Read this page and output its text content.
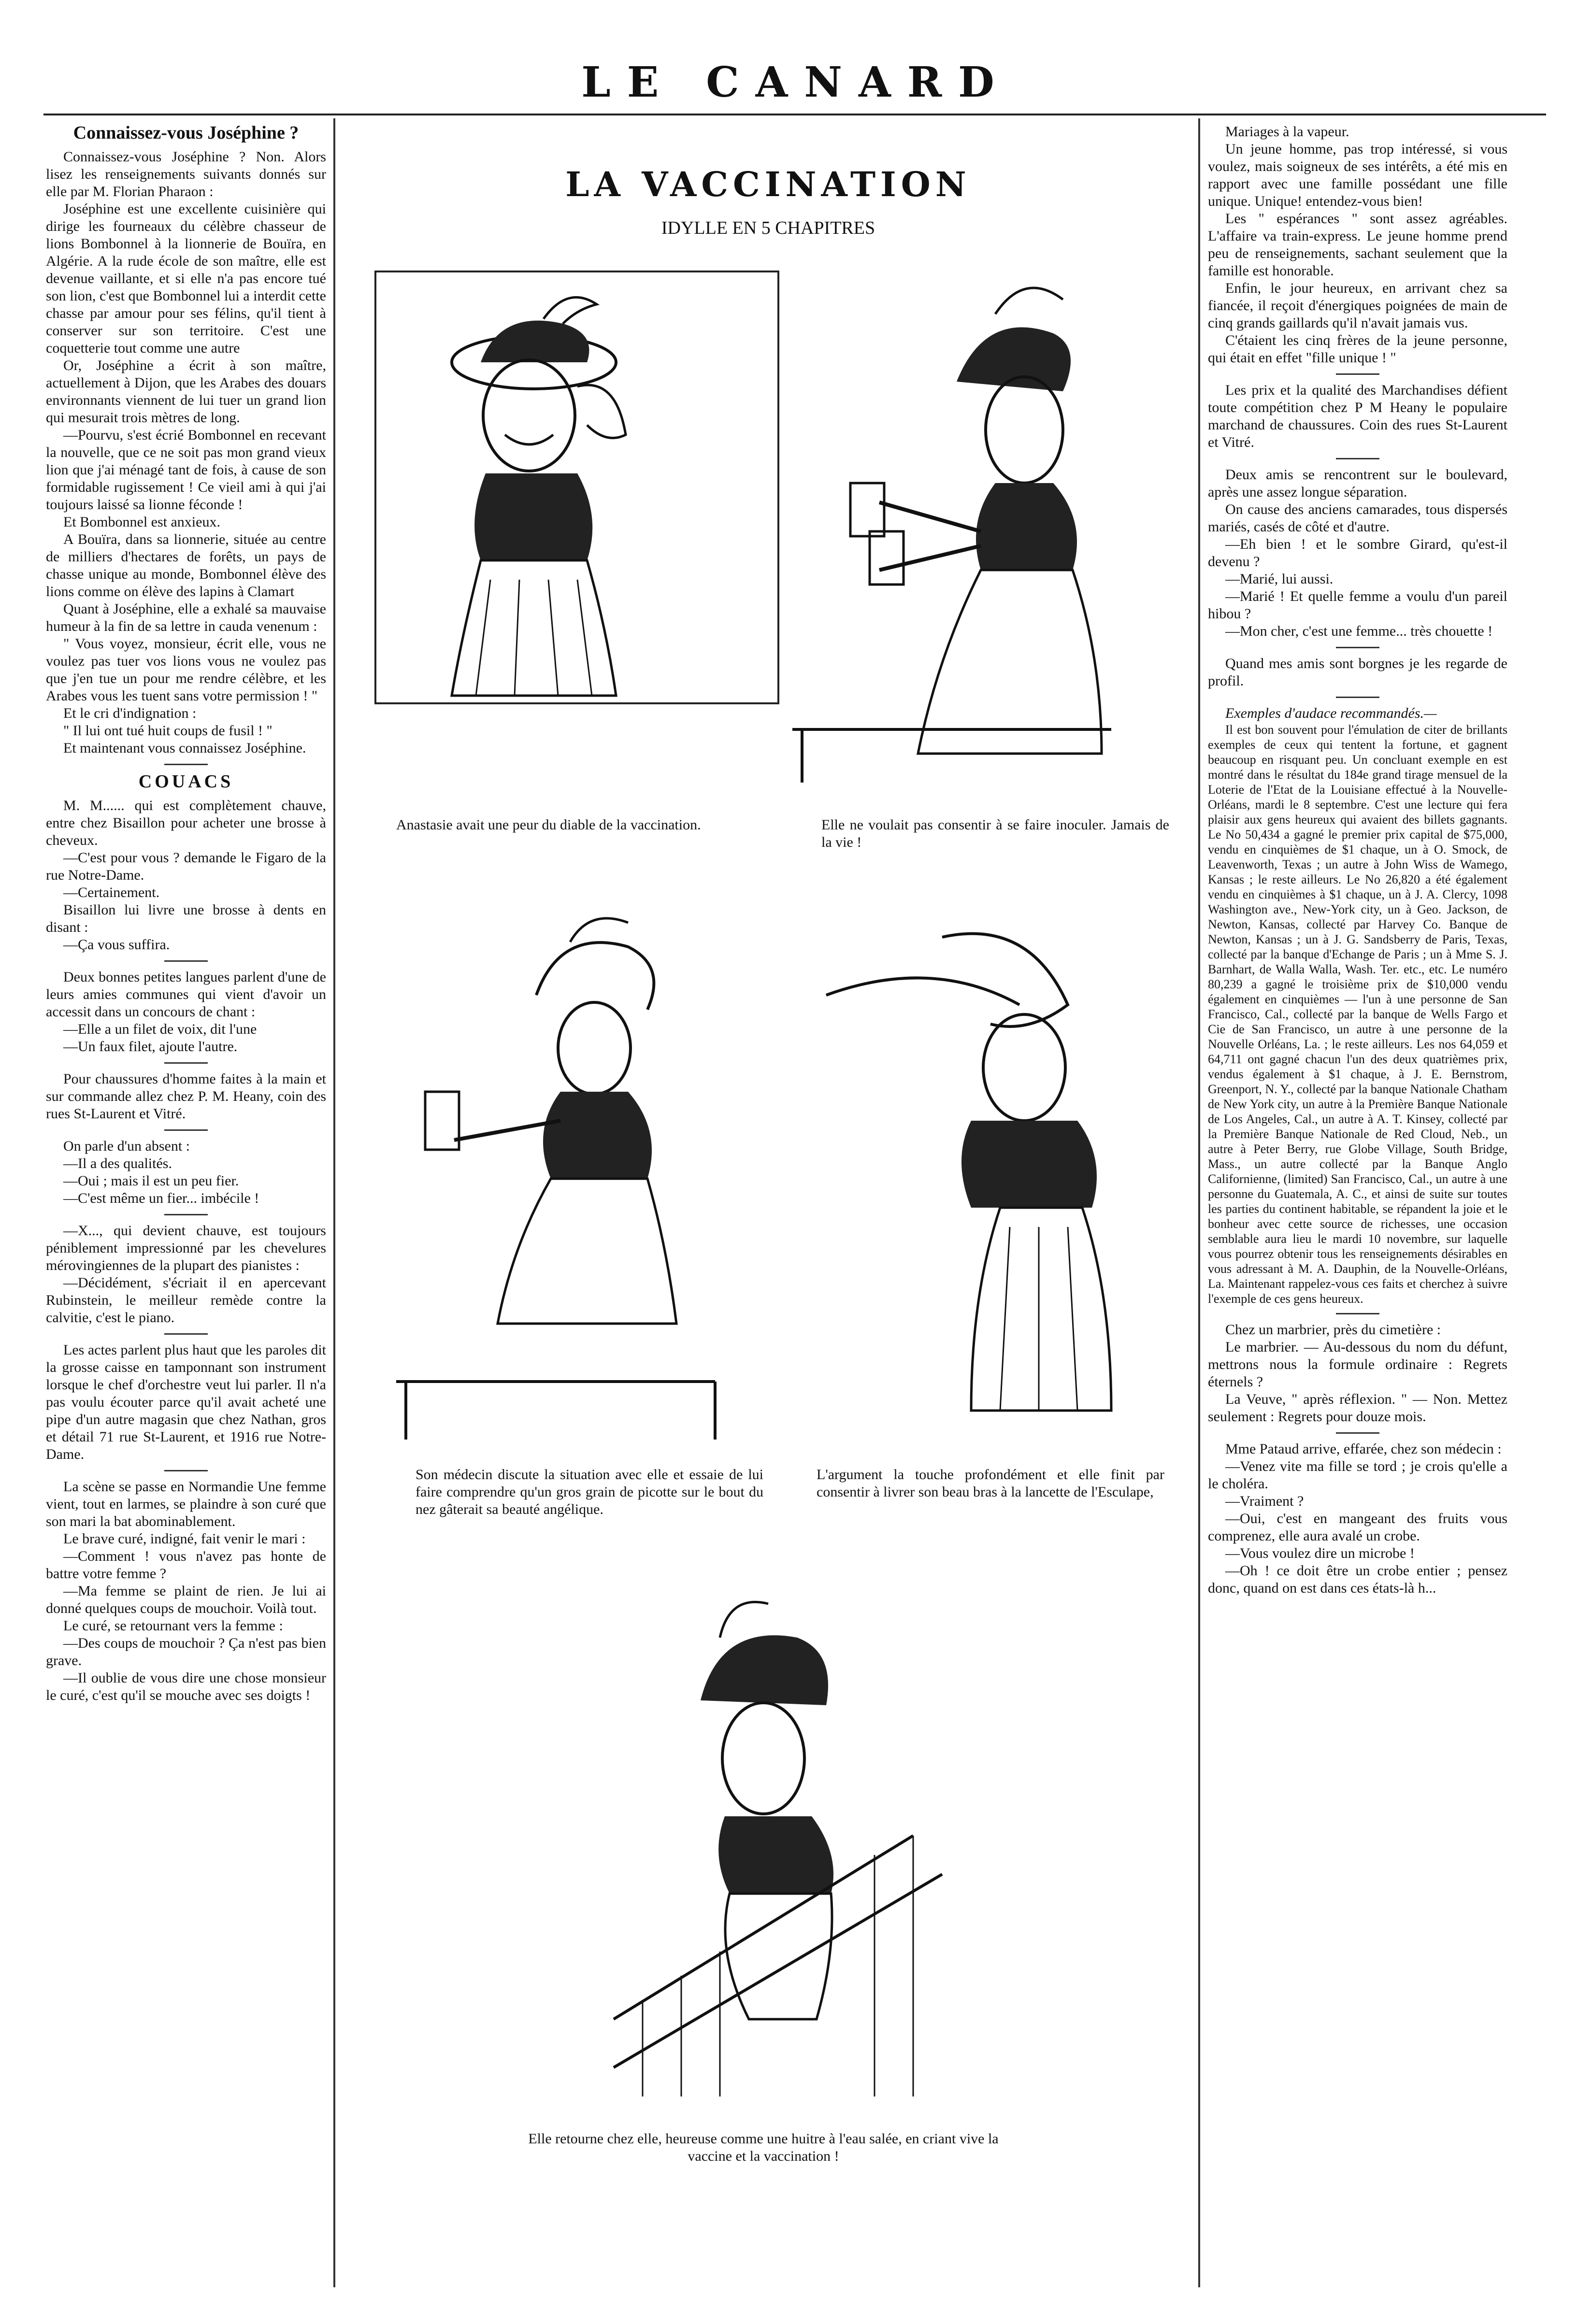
LE CANARD
Connaissez-vous Joséphine ?

Connaissez-vous Joséphine ? Non. Alors lisez les renseignements suivants donnés sur elle par M. Florian Pharaon :

Joséphine est une excellente cuisinière qui dirige les fourneaux du célèbre chasseur de lions Bombonnel à la lionnerie de Bouïra, en Algérie. A la rude école de son maître, elle est devenue vaillante, et si elle n'a pas encore tué son lion, c'est que Bombonnel lui a interdit cette chasse par amour pour ses félins, qu'il tient à conserver sur son territoire. C'est une coquetterie tout comme une autre

Or, Joséphine a écrit à son maître, actuellement à Dijon, que les Arabes des douars environnants viennent de lui tuer un grand lion qui mesurait trois mètres de long.

—Pourvu, s'est écrié Bombonnel en recevant la nouvelle, que ce ne soit pas mon grand vieux lion que j'ai ménagé tant de fois, à cause de son formidable rugissement ! Ce vieil ami à qui j'ai toujours laissé sa lionne féconde !

Et Bombonnel est anxieux.

A Bouïra, dans sa lionnerie, située au centre de milliers d'hectares de forêts, un pays de chasse unique au monde, Bombonnel élève des lions comme on élève des lapins à Clamart

Quant à Joséphine, elle a exhalé sa mauvaise humeur à la fin de sa lettre in cauda venenum :

" Vous voyez, monsieur, écrit elle, vous ne voulez pas tuer vos lions vous ne voulez pas que j'en tue un pour me rendre célèbre, et les Arabes vous les tuent sans votre permission ! "

Et le cri d'indignation :

" Il lui ont tué huit coups de fusil ! "

Et maintenant vous connaissez Joséphine.

COUACS

M. M...... qui est complètement chauve, entre chez Bisaillon pour acheter une brosse à cheveux.

—C'est pour vous ? demande le Figaro de la rue Notre-Dame.

—Certainement.

Bisaillon lui livre une brosse à dents en disant :

—Ça vous suffira.

Deux bonnes petites langues parlent d'une de leurs amies communes qui vient d'avoir un accessit dans un concours de chant :

—Elle a un filet de voix, dit l'une

—Un faux filet, ajoute l'autre.

Pour chaussures d'homme faites à la main et sur commande allez chez P. M. Heany, coin des rues St-Laurent et Vitré.

On parle d'un absent :

—Il a des qualités.

—Oui ; mais il est un peu fier.

—C'est même un fier... imbécile !

—X..., qui devient chauve, est toujours péniblement impressionné par les chevelures mérovingiennes de la plupart des pianistes :

—Décidément, s'écriait il en apercevant Rubinstein, le meilleur remède contre la calvitie, c'est le piano.

Les actes parlent plus haut que les paroles dit la grosse caisse en tamponnant son instrument lorsque le chef d'orchestre veut lui parler. Il n'a pas voulu écouter parce qu'il avait acheté une pipe d'un autre magasin que chez Nathan, gros et détail 71 rue St-Laurent, et 1916 rue Notre-Dame.

La scène se passe en Normandie Une femme vient, tout en larmes, se plaindre à son curé que son mari la bat abominablement.

Le brave curé, indigné, fait venir le mari :

—Comment ! vous n'avez pas honte de battre votre femme ?

—Ma femme se plaint de rien. Je lui ai donné quelques coups de mouchoir. Voilà tout.

Le curé, se retournant vers la femme :

—Des coups de mouchoir ? Ça n'est pas bien grave.

—Il oublie de vous dire une chose monsieur le curé, c'est qu'il se mouche avec ses doigts !

LA VACCINATION
IDYLLE EN 5 CHAPITRES
Anastasie avait une peur du diable de la vaccination.	Elle ne voulait pas consentir à se faire inoculer. Jamais de la vie !
Son médecin discute la situation avec elle et essaie de lui faire comprendre qu'un gros grain de picotte sur le bout du nez gâterait sa beauté angélique.
L'argument la touche profondément et elle finit par consentir à livrer son beau bras à la lancette de l'Esculape,
Elle retourne chez elle, heureuse comme une huitre à l'eau salée, en criant vive la vaccine et la vaccination !

Mariages à la vapeur.

Un jeune homme, pas trop intéressé, si vous voulez, mais soigneux de ses intérêts, a été mis en rapport avec une famille possédant une fille unique. Unique! entendez-vous bien!

Les " espérances " sont assez agréables. L'affaire va train-express. Le jeune homme prend peu de renseignements, sachant seulement que la famille est honorable.

Enfin, le jour heureux, en arrivant chez sa fiancée, il reçoit d'énergiques poignées de main de cinq grands gaillards qu'il n'avait jamais vus.

C'étaient les cinq frères de la jeune personne, qui était en effet "fille unique ! "

Les prix et la qualité des Marchandises défient toute compétition chez P M Heany le populaire marchand de chaussures. Coin des rues St-Laurent et Vitré.

Deux amis se rencontrent sur le boulevard, après une assez longue séparation.

On cause des anciens camarades, tous dispersés mariés, casés de côté et d'autre.

—Eh bien ! et le sombre Girard, qu'est-il devenu ?

—Marié, lui aussi.

—Marié ! Et quelle femme a voulu d'un pareil hibou ?

—Mon cher, c'est une femme... très chouette !

Quand mes amis sont borgnes je les regarde de profil.

Exemples d'audace recommandés.—

Il est bon souvent pour l'émulation de citer de brillants exemples de ceux qui tentent la fortune, et gagnent beaucoup en risquant peu. Un concluant exemple en est montré dans le résultat du 184e grand tirage mensuel de la Loterie de l'Etat de la Louisiane effectué à la Nouvelle-Orléans, mardi le 8 septembre. C'est une lecture qui fera plaisir aux gens heureux qui avaient des billets gagnants. Le No 50,434 a gagné le premier prix capital de $75,000, vendu en cinquièmes de $1 chaque, un à O. Smock, de Leavenworth, Texas ; un autre à John Wiss de Wamego, Kansas ; le reste ailleurs. Le No 26,820 a été également vendu en cinquièmes à $1 chaque, un à J. A. Clercy, 1098 Washington ave., New-York city, un à Geo. Jackson, de Newton, Kansas, collecté par Harvey Co. Banque de Newton, Kansas ; un à J. G. Sandsberry de Paris, Texas, collecté par la banque d'Echange de Paris ; un à Mme S. J. Barnhart, de Walla Walla, Wash. Ter. etc., etc. Le numéro 80,239 a gagné le troisième prix de $10,000 vendu également en cinquièmes — l'un à une personne de San Francisco, Cal., collecté par la banque de Wells Fargo et Cie de San Francisco, un autre à une personne de la Nouvelle Orléans, La. ; le reste ailleurs. Les nos 64,059 et 64,711 ont gagné chacun l'un des deux quatrièmes prix, vendus également à $1 chaque, à J. E. Bernstrom, Greenport, N. Y., collecté par la banque Nationale Chatham de New York city, un autre à la Première Banque Nationale de Los Angeles, Cal., un autre à A. T. Kinsey, collecté par la Première Banque Nationale de Red Cloud, Neb., un autre à Peter Berry, rue Globe Village, South Bridge, Mass., un autre collecté par la Banque Anglo Californienne, (limited) San Francisco, Cal., un autre à une personne du Guatemala, A. C., et ainsi de suite sur toutes les parties du continent habitable, se répandent la joie et le bonheur avec cette source de richesses, une occasion semblable aura lieu le mardi 10 novembre, sur laquelle vous pourrez obtenir tous les renseignements désirables en vous adressant à M. A. Dauphin, de la Nouvelle-Orléans, La. Maintenant rappelez-vous ces faits et cherchez à suivre l'exemple de ces gens heureux.

Chez un marbrier, près du cimetière :

Le marbrier. — Au-dessous du nom du défunt, mettrons nous la formule ordinaire : Regrets éternels ?

La Veuve, " après réflexion. " — Non. Mettez seulement : Regrets pour douze mois.

Mme Pataud arrive, effarée, chez son médecin :

—Venez vite ma fille se tord ; je crois qu'elle a le choléra.

—Vraiment ?

—Oui, c'est en mangeant des fruits vous comprenez, elle aura avalé un crobe.

—Vous voulez dire un microbe !

—Oh ! ce doit être un crobe entier ; pensez donc, quand on est dans ces états-là h...
